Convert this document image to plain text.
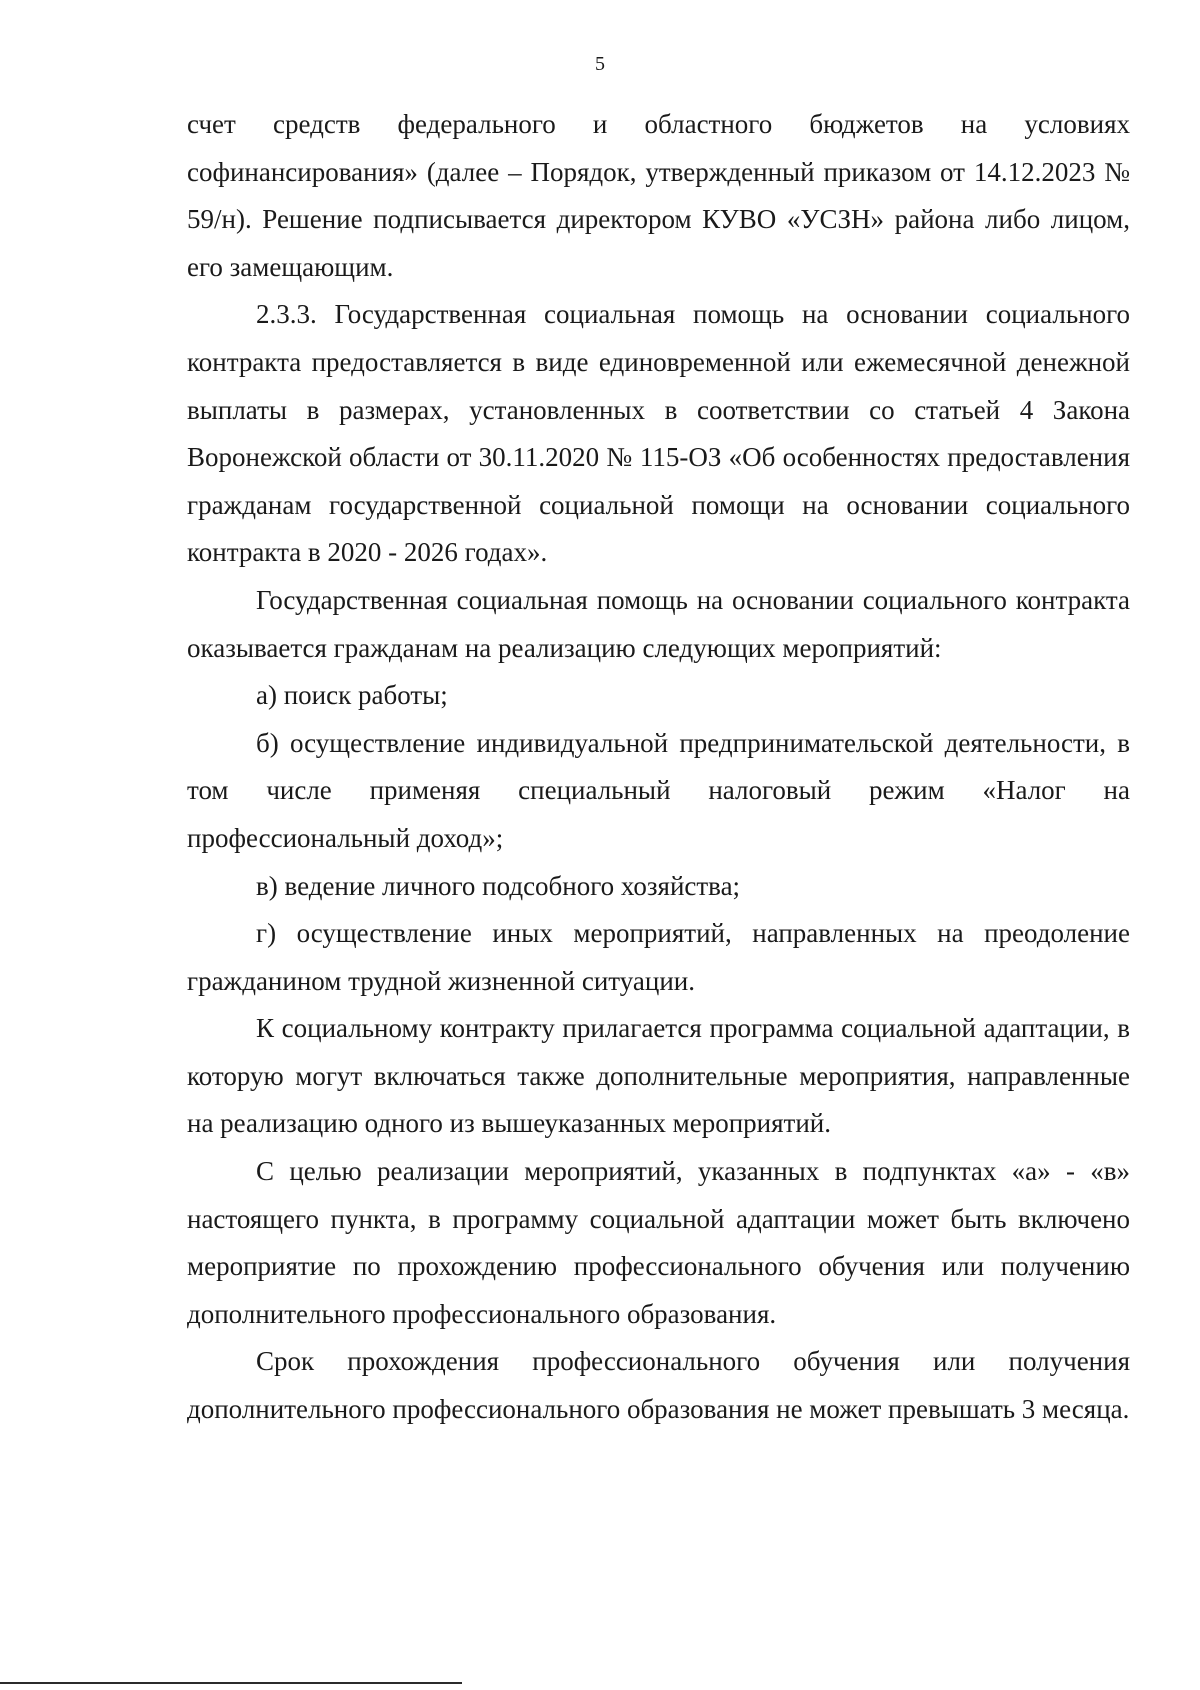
5

счет средств федерального и областного бюджетов на условиях софинансирования» (далее – Порядок, утвержденный приказом от 14.12.2023 № 59/н). Решение подписывается директором КУВО «УСЗН» района либо лицом, его замещающим.

2.3.3. Государственная социальная помощь на основании социального контракта предоставляется в виде единовременной или ежемесячной денежной выплаты в размерах, установленных в соответствии со статьей 4 Закона Воронежской области от 30.11.2020 № 115-ОЗ «Об особенностях предоставления гражданам государственной социальной помощи на основании социального контракта в 2020 - 2026 годах».

Государственная социальная помощь на основании социального контракта оказывается гражданам на реализацию следующих мероприятий:

а) поиск работы;

б) осуществление индивидуальной предпринимательской деятельности, в том числе применяя специальный налоговый режим «Налог на профессиональный доход»;

в) ведение личного подсобного хозяйства;

г) осуществление иных мероприятий, направленных на преодоление гражданином трудной жизненной ситуации.

К социальному контракту прилагается программа социальной адаптации, в которую могут включаться также дополнительные мероприятия, направленные на реализацию одного из вышеуказанных мероприятий.

С целью реализации мероприятий, указанных в подпунктах «а» - «в» настоящего пункта, в программу социальной адаптации может быть включено мероприятие по прохождению профессионального обучения или получению дополнительного профессионального образования.

Срок прохождения профессионального обучения или получения дополнительного профессионального образования не может превышать 3 месяца.
